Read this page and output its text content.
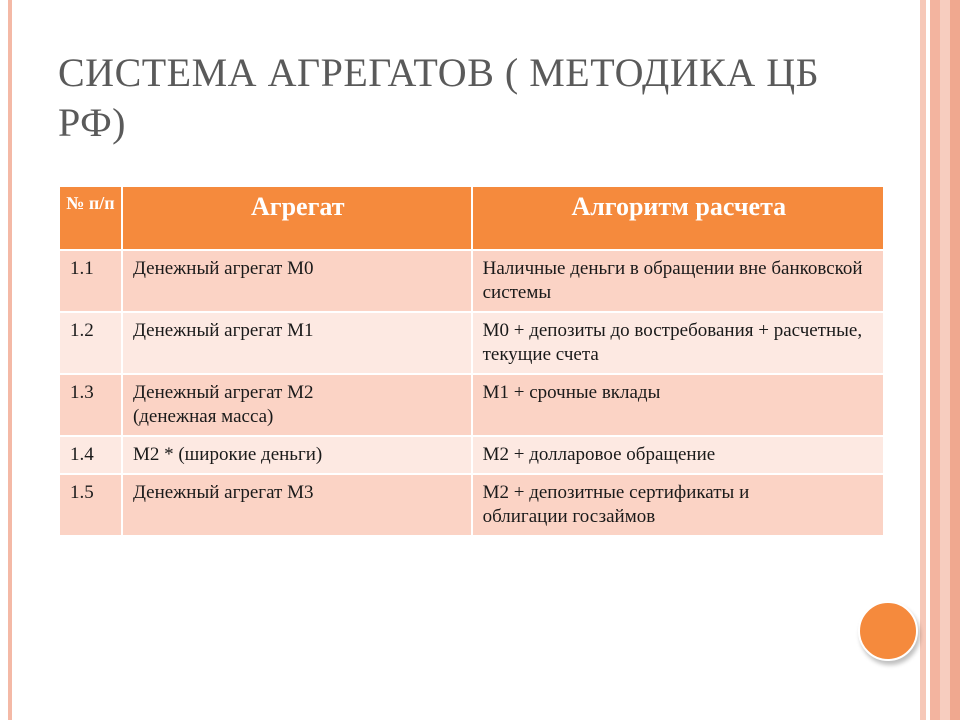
СИСТЕМА АГРЕГАТОВ ( МЕТОДИКА ЦБ РФ)
№ п/п	Агрегат	Алгоритм расчета
1.1	Денежный агрегат М0	Наличные деньги в обращении вне банковской системы
1.2	Денежный агрегат М1	М0 + депозиты до востребования + расчетные, текущие счета
1.3	Денежный агрегат М2 (денежная масса)	М1 + срочные вклады
1.4	М2 * (широкие деньги)	М2 + долларовое обращение
1.5	Денежный агрегат М3	М2 + депозитные сертификаты и облигации госзаймов
